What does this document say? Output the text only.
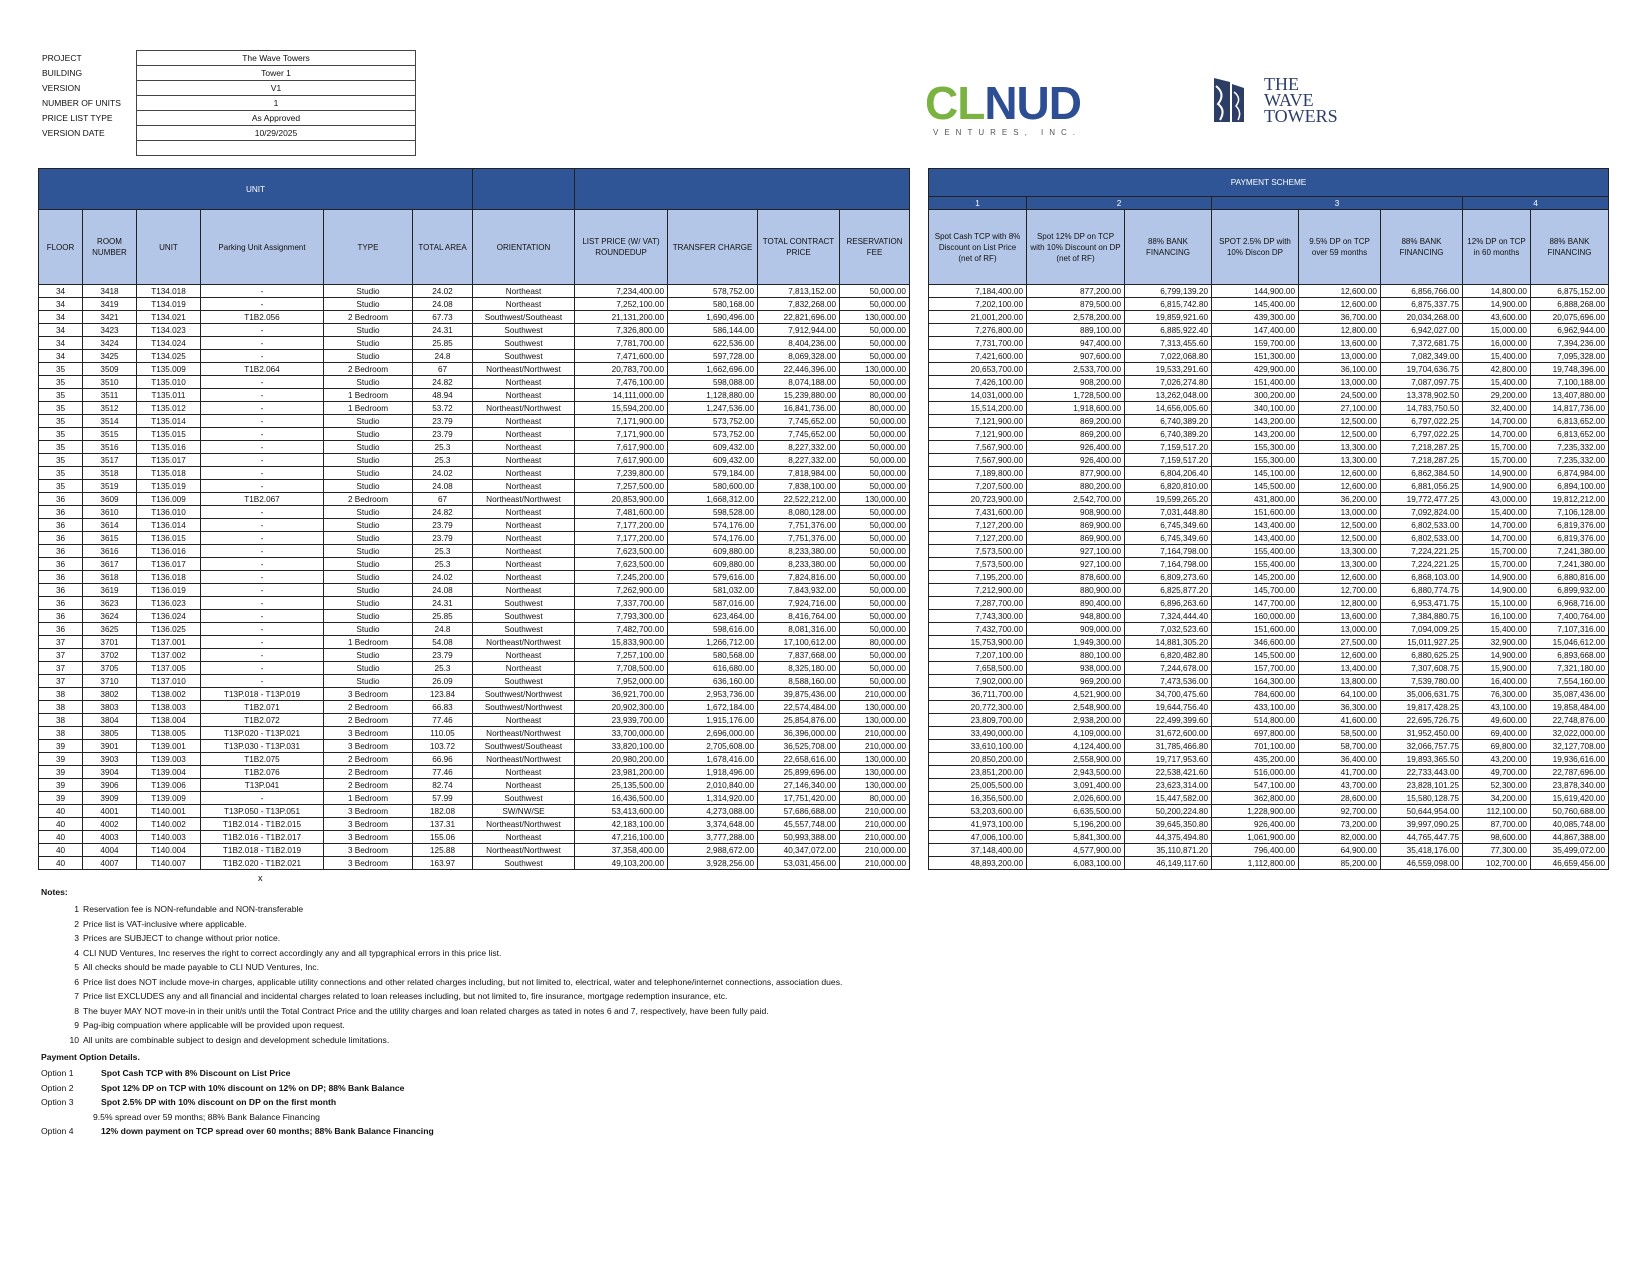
PROJECT	The Wave Towers
BUILDING	Tower 1
VERSION	V1
NUMBER OF UNITS	1
PRICE LIST TYPE	As Approved
VERSION DATE	10/29/2025

CLNUD
VENTURES, INC.
THE
WAVE
TOWERS
UNIT										
FLOOR	ROOM NUMBER	UNIT	Parking Unit Assignment	TYPE	TOTAL AREA	ORIENTATION	LIST PRICE (W/ VAT) ROUNDEDUP	TRANSFER CHARGE	TOTAL CONTRACT PRICE	RESERVATION FEE
34	3418	T134.018	-	Studio	24.02	Northeast	7,234,400.00	578,752.00	7,813,152.00	50,000.00
34	3419	T134.019	-	Studio	24.08	Northeast	7,252,100.00	580,168.00	7,832,268.00	50,000.00
34	3421	T134.021	T1B2.056	2 Bedroom	67.73	Southwest/Southeast	21,131,200.00	1,690,496.00	22,821,696.00	130,000.00
34	3423	T134.023	-	Studio	24.31	Southwest	7,326,800.00	586,144.00	7,912,944.00	50,000.00
34	3424	T134.024	-	Studio	25.85	Southwest	7,781,700.00	622,536.00	8,404,236.00	50,000.00
34	3425	T134.025	-	Studio	24.8	Southwest	7,471,600.00	597,728.00	8,069,328.00	50,000.00
35	3509	T135.009	T1B2.064	2 Bedroom	67	Northeast/Northwest	20,783,700.00	1,662,696.00	22,446,396.00	130,000.00
35	3510	T135.010	-	Studio	24.82	Northeast	7,476,100.00	598,088.00	8,074,188.00	50,000.00
35	3511	T135.011	-	1 Bedroom	48.94	Northeast	14,111,000.00	1,128,880.00	15,239,880.00	80,000.00
35	3512	T135.012	-	1 Bedroom	53.72	Northeast/Northwest	15,594,200.00	1,247,536.00	16,841,736.00	80,000.00
35	3514	T135.014	-	Studio	23.79	Northeast	7,171,900.00	573,752.00	7,745,652.00	50,000.00
35	3515	T135.015	-	Studio	23.79	Northeast	7,171,900.00	573,752.00	7,745,652.00	50,000.00
35	3516	T135.016	-	Studio	25.3	Northeast	7,617,900.00	609,432.00	8,227,332.00	50,000.00
35	3517	T135.017	-	Studio	25.3	Northeast	7,617,900.00	609,432.00	8,227,332.00	50,000.00
35	3518	T135.018	-	Studio	24.02	Northeast	7,239,800.00	579,184.00	7,818,984.00	50,000.00
35	3519	T135.019	-	Studio	24.08	Northeast	7,257,500.00	580,600.00	7,838,100.00	50,000.00
36	3609	T136.009	T1B2.067	2 Bedroom	67	Northeast/Northwest	20,853,900.00	1,668,312.00	22,522,212.00	130,000.00
36	3610	T136.010	-	Studio	24.82	Northeast	7,481,600.00	598,528.00	8,080,128.00	50,000.00
36	3614	T136.014	-	Studio	23.79	Northeast	7,177,200.00	574,176.00	7,751,376.00	50,000.00
36	3615	T136.015	-	Studio	23.79	Northeast	7,177,200.00	574,176.00	7,751,376.00	50,000.00
36	3616	T136.016	-	Studio	25.3	Northeast	7,623,500.00	609,880.00	8,233,380.00	50,000.00
36	3617	T136.017	-	Studio	25.3	Northeast	7,623,500.00	609,880.00	8,233,380.00	50,000.00
36	3618	T136.018	-	Studio	24.02	Northeast	7,245,200.00	579,616.00	7,824,816.00	50,000.00
36	3619	T136.019	-	Studio	24.08	Northeast	7,262,900.00	581,032.00	7,843,932.00	50,000.00
36	3623	T136.023	-	Studio	24.31	Southwest	7,337,700.00	587,016.00	7,924,716.00	50,000.00
36	3624	T136.024	-	Studio	25.85	Southwest	7,793,300.00	623,464.00	8,416,764.00	50,000.00
36	3625	T136.025	-	Studio	24.8	Southwest	7,482,700.00	598,616.00	8,081,316.00	50,000.00
37	3701	T137.001	-	1 Bedroom	54.08	Northeast/Northwest	15,833,900.00	1,266,712.00	17,100,612.00	80,000.00
37	3702	T137.002	-	Studio	23.79	Northeast	7,257,100.00	580,568.00	7,837,668.00	50,000.00
37	3705	T137.005	-	Studio	25.3	Northeast	7,708,500.00	616,680.00	8,325,180.00	50,000.00
37	3710	T137.010	-	Studio	26.09	Southwest	7,952,000.00	636,160.00	8,588,160.00	50,000.00
38	3802	T138.002	T13P.018 - T13P.019	3 Bedroom	123.84	Southwest/Northwest	36,921,700.00	2,953,736.00	39,875,436.00	210,000.00
38	3803	T138.003	T1B2.071	2 Bedroom	66.83	Southwest/Northwest	20,902,300.00	1,672,184.00	22,574,484.00	130,000.00
38	3804	T138.004	T1B2.072	2 Bedroom	77.46	Northeast	23,939,700.00	1,915,176.00	25,854,876.00	130,000.00
38	3805	T138.005	T13P.020 - T13P.021	3 Bedroom	110.05	Northeast/Northwest	33,700,000.00	2,696,000.00	36,396,000.00	210,000.00
39	3901	T139.001	T13P.030 - T13P.031	3 Bedroom	103.72	Southwest/Southeast	33,820,100.00	2,705,608.00	36,525,708.00	210,000.00
39	3903	T139.003	T1B2.075	2 Bedroom	66.96	Northeast/Northwest	20,980,200.00	1,678,416.00	22,658,616.00	130,000.00
39	3904	T139.004	T1B2.076	2 Bedroom	77.46	Northeast	23,981,200.00	1,918,496.00	25,899,696.00	130,000.00
39	3906	T139.006	T13P.041	2 Bedroom	82.74	Northeast	25,135,500.00	2,010,840.00	27,146,340.00	130,000.00
39	3909	T139.009	-	1 Bedroom	57.99	Southwest	16,436,500.00	1,314,920.00	17,751,420.00	80,000.00
40	4001	T140.001	T13P.050 - T13P.051	3 Bedroom	182.08	SW/NW/SE	53,413,600.00	4,273,088.00	57,686,688.00	210,000.00
40	4002	T140.002	T1B2.014 - T1B2.015	3 Bedroom	137.31	Northeast/Northwest	42,183,100.00	3,374,648.00	45,557,748.00	210,000.00
40	4003	T140.003	T1B2.016 - T1B2.017	3 Bedroom	155.06	Northeast	47,216,100.00	3,777,288.00	50,993,388.00	210,000.00
40	4004	T140.004	T1B2.018 - T1B2.019	3 Bedroom	125.88	Northeast/Northwest	37,358,400.00	2,988,672.00	40,347,072.00	210,000.00
40	4007	T140.007	T1B2.020 - T1B2.021	3 Bedroom	163.97	Southwest	49,103,200.00	3,928,256.00	53,031,456.00	210,000.00
PAYMENT SCHEME							
1	2		3			4	
Spot Cash TCP with 8% Discount on List Price (net of RF)	Spot 12% DP on TCP with 10% Discount on DP (net of RF)	88% BANK FINANCING	SPOT 2.5% DP with 10% Discon DP	9.5% DP on TCP over 59 months	88% BANK FINANCING	12% DP on TCP in 60 months	88% BANK FINANCING
7,184,400.00	877,200.00	6,799,139.20	144,900.00	12,600.00	6,856,766.00	14,800.00	6,875,152.00
7,202,100.00	879,500.00	6,815,742.80	145,400.00	12,600.00	6,875,337.75	14,900.00	6,888,268.00
21,001,200.00	2,578,200.00	19,859,921.60	439,300.00	36,700.00	20,034,268.00	43,600.00	20,075,696.00
7,276,800.00	889,100.00	6,885,922.40	147,400.00	12,800.00	6,942,027.00	15,000.00	6,962,944.00
7,731,700.00	947,400.00	7,313,455.60	159,700.00	13,600.00	7,372,681.75	16,000.00	7,394,236.00
7,421,600.00	907,600.00	7,022,068.80	151,300.00	13,000.00	7,082,349.00	15,400.00	7,095,328.00
20,653,700.00	2,533,700.00	19,533,291.60	429,900.00	36,100.00	19,704,636.75	42,800.00	19,748,396.00
7,426,100.00	908,200.00	7,026,274.80	151,400.00	13,000.00	7,087,097.75	15,400.00	7,100,188.00
14,031,000.00	1,728,500.00	13,262,048.00	300,200.00	24,500.00	13,378,902.50	29,200.00	13,407,880.00
15,514,200.00	1,918,600.00	14,656,005.60	340,100.00	27,100.00	14,783,750.50	32,400.00	14,817,736.00
7,121,900.00	869,200.00	6,740,389.20	143,200.00	12,500.00	6,797,022.25	14,700.00	6,813,652.00
7,121,900.00	869,200.00	6,740,389.20	143,200.00	12,500.00	6,797,022.25	14,700.00	6,813,652.00
7,567,900.00	926,400.00	7,159,517.20	155,300.00	13,300.00	7,218,287.25	15,700.00	7,235,332.00
7,567,900.00	926,400.00	7,159,517.20	155,300.00	13,300.00	7,218,287.25	15,700.00	7,235,332.00
7,189,800.00	877,900.00	6,804,206.40	145,100.00	12,600.00	6,862,384.50	14,900.00	6,874,984.00
7,207,500.00	880,200.00	6,820,810.00	145,500.00	12,600.00	6,881,056.25	14,900.00	6,894,100.00
20,723,900.00	2,542,700.00	19,599,265.20	431,800.00	36,200.00	19,772,477.25	43,000.00	19,812,212.00
7,431,600.00	908,900.00	7,031,448.80	151,600.00	13,000.00	7,092,824.00	15,400.00	7,106,128.00
7,127,200.00	869,900.00	6,745,349.60	143,400.00	12,500.00	6,802,533.00	14,700.00	6,819,376.00
7,127,200.00	869,900.00	6,745,349.60	143,400.00	12,500.00	6,802,533.00	14,700.00	6,819,376.00
7,573,500.00	927,100.00	7,164,798.00	155,400.00	13,300.00	7,224,221.25	15,700.00	7,241,380.00
7,573,500.00	927,100.00	7,164,798.00	155,400.00	13,300.00	7,224,221.25	15,700.00	7,241,380.00
7,195,200.00	878,600.00	6,809,273.60	145,200.00	12,600.00	6,868,103.00	14,900.00	6,880,816.00
7,212,900.00	880,900.00	6,825,877.20	145,700.00	12,700.00	6,880,774.75	14,900.00	6,899,932.00
7,287,700.00	890,400.00	6,896,263.60	147,700.00	12,800.00	6,953,471.75	15,100.00	6,968,716.00
7,743,300.00	948,800.00	7,324,444.40	160,000.00	13,600.00	7,384,880.75	16,100.00	7,400,764.00
7,432,700.00	909,000.00	7,032,523.60	151,600.00	13,000.00	7,094,009.25	15,400.00	7,107,316.00
15,753,900.00	1,949,300.00	14,881,305.20	346,600.00	27,500.00	15,011,927.25	32,900.00	15,046,612.00
7,207,100.00	880,100.00	6,820,482.80	145,500.00	12,600.00	6,880,625.25	14,900.00	6,893,668.00
7,658,500.00	938,000.00	7,244,678.00	157,700.00	13,400.00	7,307,608.75	15,900.00	7,321,180.00
7,902,000.00	969,200.00	7,473,536.00	164,300.00	13,800.00	7,539,780.00	16,400.00	7,554,160.00
36,711,700.00	4,521,900.00	34,700,475.60	784,600.00	64,100.00	35,006,631.75	76,300.00	35,087,436.00
20,772,300.00	2,548,900.00	19,644,756.40	433,100.00	36,300.00	19,817,428.25	43,100.00	19,858,484.00
23,809,700.00	2,938,200.00	22,499,399.60	514,800.00	41,600.00	22,695,726.75	49,600.00	22,748,876.00
33,490,000.00	4,109,000.00	31,672,600.00	697,800.00	58,500.00	31,952,450.00	69,400.00	32,022,000.00
33,610,100.00	4,124,400.00	31,785,466.80	701,100.00	58,700.00	32,066,757.75	69,800.00	32,127,708.00
20,850,200.00	2,558,900.00	19,717,953.60	435,200.00	36,400.00	19,893,365.50	43,200.00	19,936,616.00
23,851,200.00	2,943,500.00	22,538,421.60	516,000.00	41,700.00	22,733,443.00	49,700.00	22,787,696.00
25,005,500.00	3,091,400.00	23,623,314.00	547,100.00	43,700.00	23,828,101.25	52,300.00	23,878,340.00
16,356,500.00	2,026,600.00	15,447,582.00	362,800.00	28,600.00	15,580,128.75	34,200.00	15,619,420.00
53,203,600.00	6,635,500.00	50,200,224.80	1,228,900.00	92,700.00	50,644,954.00	112,100.00	50,760,688.00
41,973,100.00	5,196,200.00	39,645,350.80	926,400.00	73,200.00	39,997,090.25	87,700.00	40,085,748.00
47,006,100.00	5,841,300.00	44,375,494.80	1,061,900.00	82,000.00	44,765,447.75	98,600.00	44,867,388.00
37,148,400.00	4,577,900.00	35,110,871.20	796,400.00	64,900.00	35,418,176.00	77,300.00	35,499,072.00
48,893,200.00	6,083,100.00	46,149,117.60	1,112,800.00	85,200.00	46,559,098.00	102,700.00	46,659,456.00
x
Notes:
1 Reservation fee is NON-refundable and NON-transferable
2 Price list is VAT-inclusive where applicable.
3 Prices are SUBJECT to change without prior notice.
4 CLI NUD Ventures, Inc reserves the right to correct accordingly any and all typgraphical errors in this price list.
5 All checks should be made payable to CLI NUD Ventures, Inc.
6 Price list does NOT include move-in charges, applicable utility connections and other related charges including, but not limited to, electrical, water and telephone/internet connections, association dues.
7 Price list EXCLUDES any and all financial and incidental charges related to loan releases including, but not limited to, fire insurance, mortgage redemption insurance, etc.
8 The buyer MAY NOT move-in in their unit/s until the Total Contract Price and the utility charges and loan related charges as tated in notes 6 and 7, respectively, have been fully paid.
9 Pag-ibig compuation where applicable will be provided upon request.
10 All units are combinable subject to design and development schedule limitations.
Payment Option Details.
Option 1	Spot Cash TCP with 8% Discount on List Price
Option 2	Spot 12% DP on TCP with 10% discount on 12% on DP; 88% Bank Balance
Option 3	Spot 2.5% DP with 10% discount on DP on the first month
9.5% spread over 59 months; 88% Bank Balance Financing
Option 4	12% down payment on TCP spread over 60 months; 88% Bank Balance Financing
